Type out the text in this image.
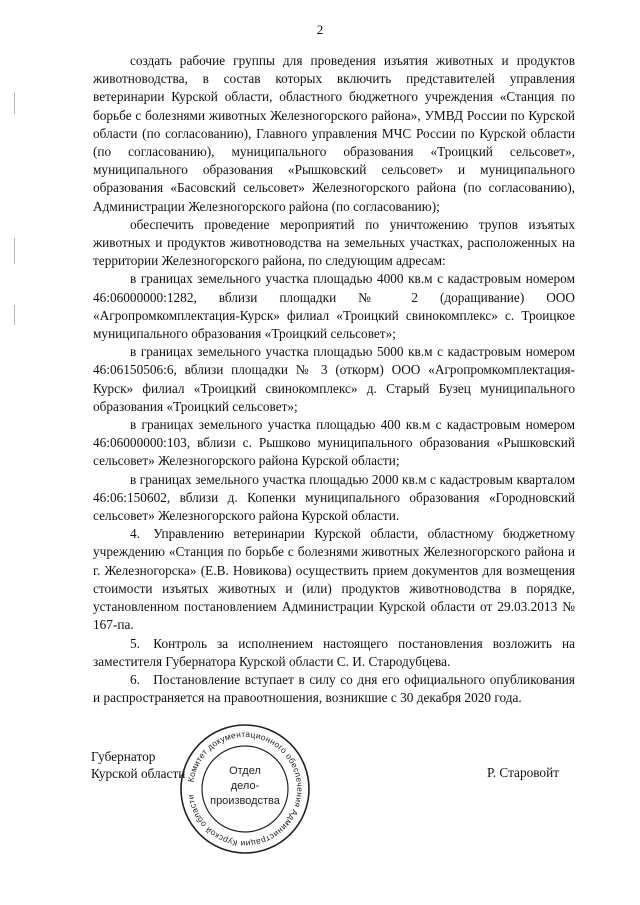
2

создать рабочие группы для проведения изъятия животных и продуктов животноводства, в состав которых включить представителей управления ветеринарии Курской области, областного бюджетного учреждения «Станция по борьбе с болезнями животных Железногорского района», УМВД России по Курской области (по согласованию), Главного управления МЧС России по Курской области (по согласованию), муниципального образования «Троицкий сельсовет», муниципального образования «Рышковский сельсовет» и муниципального образования «Басовский сельсовет» Железногорского района (по согласованию), Администрации Железногорского района (по согласованию);

обеспечить проведение мероприятий по уничтожению трупов изъятых животных и продуктов животноводства на земельных участках, расположенных на территории Железногорского района, по следующим адресам:

в границах земельного участка площадью 4000 кв.м с кадастровым номером 46:06000000:1282, вблизи площадки № 2 (доращивание) ООО «Агропромкомплектация-Курск» филиал «Троицкий свинокомплекс» с. Троицкое муниципального образования «Троицкий сельсовет»;

в границах земельного участка площадью 5000 кв.м с кадастровым номером 46:06150506:6, вблизи площадки № 3 (откорм) ООО «Агропромкомплектация-Курск» филиал «Троицкий свинокомплекс» д. Старый Бузец муниципального образования «Троицкий сельсовет»;

в границах земельного участка площадью 400 кв.м с кадастровым номером 46:06000000:103, вблизи с. Рышково муниципального образования «Рышковский сельсовет» Железногорского района Курской области;

в границах земельного участка площадью 2000 кв.м с кадастровым кварталом 46:06:150602, вблизи д. Копенки муниципального образования «Городновский сельсовет» Железногорского района Курской области.

4. Управлению ветеринарии Курской области, областному бюджетному учреждению «Станция по борьбе с болезнями животных Железногорского района и г. Железногорска» (Е.В. Новикова) осуществить прием документов для возмещения стоимости изъятых животных и (или) продуктов животноводства в порядке, установленном постановлением Администрации Курской области от 29.03.2013 № 167-па.

5. Контроль за исполнением настоящего постановления возложить на заместителя Губернатора Курской области С. И. Стародубцева.

6. Постановление вступает в силу со дня его официального опубликования и распространяется на правоотношения, возникшие с 30 декабря 2020 года.

Губернатор
Курской области Комитет документационного обеспечения Администрации Курской области
Отдел
дело-
производства
Р. Старовойт
